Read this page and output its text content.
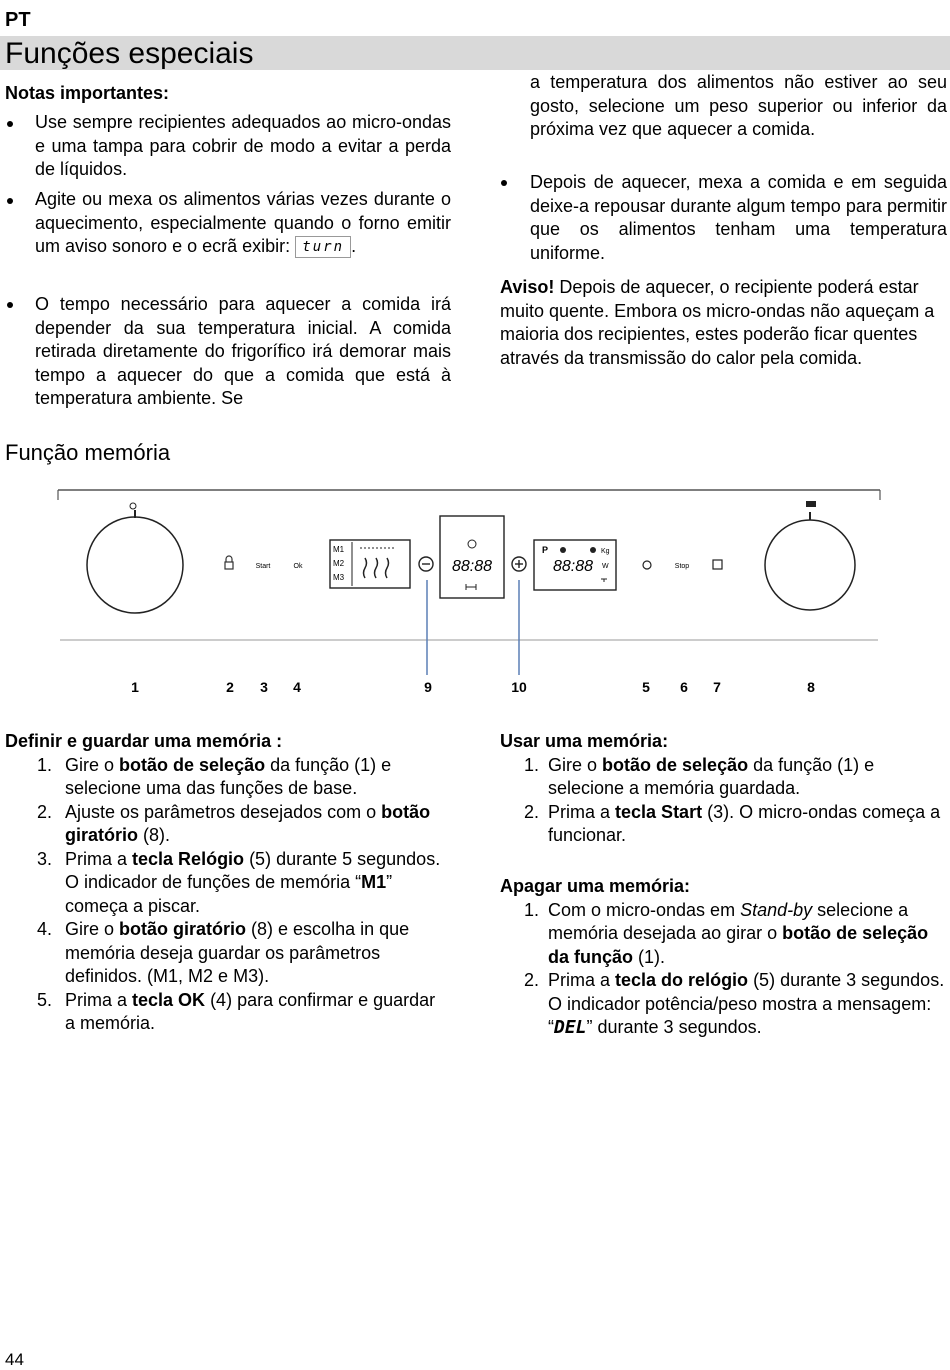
PT
Funções especiais
Notas importantes:
Use sempre recipientes adequados ao micro-ondas e uma tampa para cobrir de modo a evitar a perda de líquidos.
Agite ou mexa os alimentos várias vezes durante o aquecimento, especialmente quando o forno emitir um aviso sonoro e o ecrã exibir: turn .
O tempo necessário para aquecer a comida irá depender da sua temperatura inicial. A comida retirada diretamente do frigorífico irá demorar mais tempo a aquecer do que a comida que está à temperatura ambiente. Se
a temperatura dos alimentos não estiver ao seu gosto, selecione um peso superior ou inferior da próxima vez que aquecer a comida.
Depois de aquecer, mexa a comida e em seguida deixe-a repousar durante algum tempo para permitir que os alimentos tenham uma temperatura uniforme.
Aviso! Depois de aquecer, o recipiente poderá estar muito quente. Embora os micro-ondas não aqueçam a maioria dos recipientes, estes poderão ficar quentes através da transmissão do calor pela comida.
Função memória
Start	Ok
M1
M2
M3
88:88
P	Kg
88:88 W	Stop
1	2 3 4	9	10	5 6 7	8
Definir e guardar uma memória :
1. Gire o botão de seleção da função (1) e selecione uma das funções de base.
2. Ajuste os parâmetros desejados com o botão giratório (8).
3. Prima a tecla Relógio (5) durante 5 segundos. O indicador de funções de memória “M1” começa a piscar.
4. Gire o botão giratório (8) e escolha in que memória deseja guardar os parâmetros definidos. (M1, M2 e M3).
5. Prima a tecla OK (4) para confirmar e guardar a memória.
Usar uma memória:
1. Gire o botão de seleção da função (1) e selecione a memória guardada.
2. Prima a tecla Start (3). O micro-ondas começa a funcionar.
Apagar uma memória:
1. Com o micro-ondas em Stand-by selecione a memória desejada ao girar o botão de seleção da função (1).
2. Prima a tecla do relógio (5) durante 3 segundos. O indicador potência/peso mostra a mensagem: “DEL” durante 3 segundos.
44
